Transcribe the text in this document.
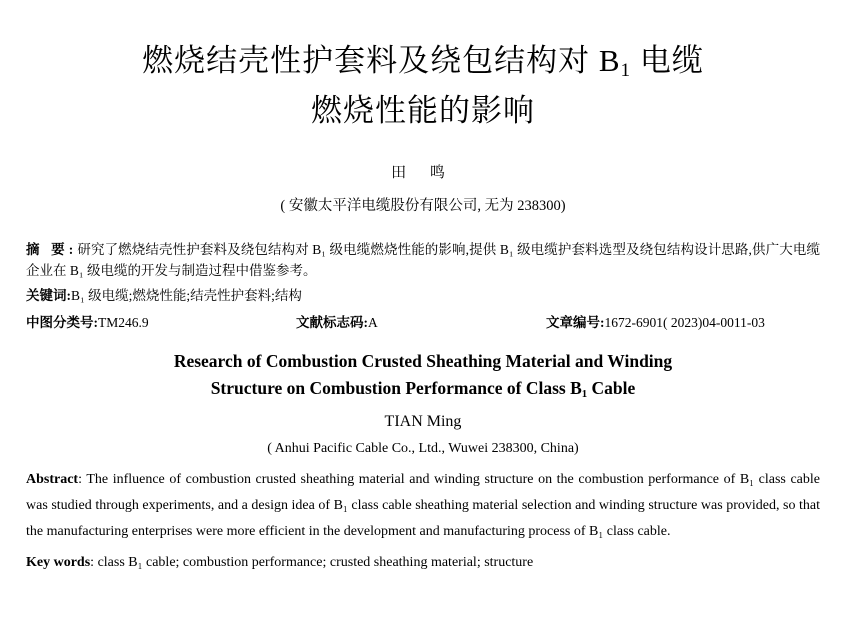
燃烧结壳性护套料及绕包结构对 $B_1$ 电缆
燃烧性能的影响
田 鸣
( 安徽太平洋电缆股份有限公司, 无为 238300)
摘 要:研究了燃烧结壳性护套料及绕包结构对 B₁ 级电缆燃烧性能的影响,提供 B₁ 级电缆护套料选型及绕包结构设计思路,供广大电缆企业在 B₁ 级电缆的开发与制造过程中借鉴参考。
关键词:B₁ 级电缆;燃烧性能;结壳性护套料;结构
中图分类号:TM246.9	文献标志码:A	文章编号:1672-6901( 2023)04-0011-03
Research of Combustion Crusted Sheathing Material and Winding
Structure on Combustion Performance of Class $B_1$ Cable
TIAN Ming
( Anhui Pacific Cable Co., Ltd., Wuwei 238300, China)
Abstract: The influence of combustion crusted sheathing material and winding structure on the combustion performance of B₁ class cable was studied through experiments, and a design idea of B₁ class cable sheathing material selection and winding structure was provided, so that the manufacturing enterprises were more efficient in the development and manufacturing process of B₁ class cable.
Key words: class B₁ cable; combustion performance; crusted sheathing material; structure
